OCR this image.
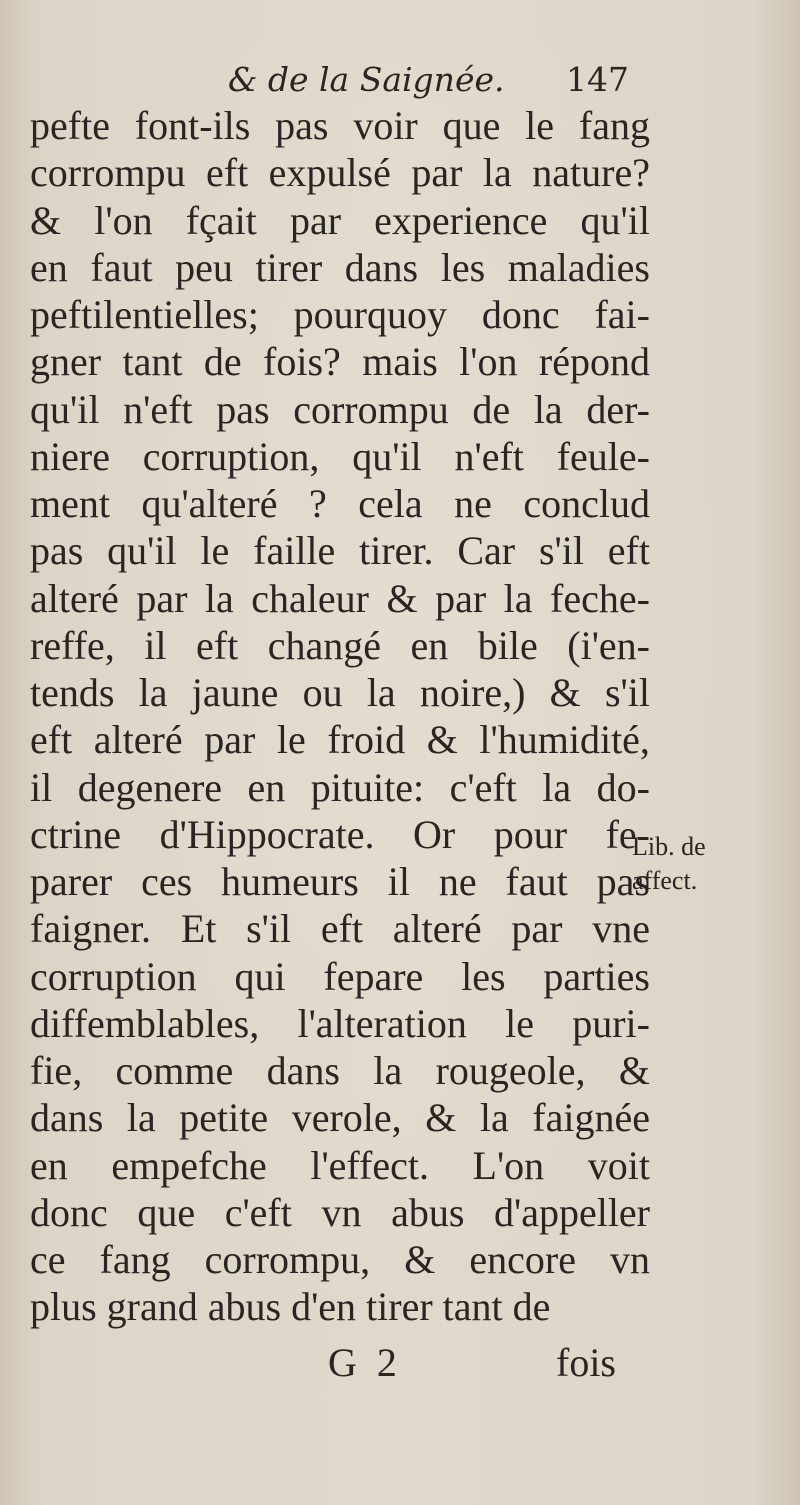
& de la Saignée. 147
pefte font-ils pas voir que le fang
corrompu eft expulsé par la nature?
& l'on fçait par experience qu'il
en faut peu tirer dans les maladies
peftilentielles; pourquoy donc fai-
gner tant de fois? mais l'on répond
qu'il n'eft pas corrompu de la der-
niere corruption, qu'il n'eft feule-
ment qu'alteré ? cela ne conclud
pas qu'il le faille tirer. Car s'il eft
alteré par la chaleur & par la feche-
reffe, il eft changé en bile (i'en-
tends la jaune ou la noire,) & s'il
eft alteré par le froid & l'humidité,
il degenere en pituite: c'eft la do-
ctrine d'Hippocrate. Or pour fe-
parer ces humeurs il ne faut pas
faigner. Et s'il eft alteré par vne
corruption qui fepare les parties
diffemblables, l'alteration le puri-
fie, comme dans la rougeole, &
dans la petite verole, & la faignée
en empefche l'effect. L'on voit
donc que c'eft vn abus d'appeller
ce fang corrompu, & encore vn
plus grand abus d'en tirer tant de
Lib. de
affect.
G  2	fois
